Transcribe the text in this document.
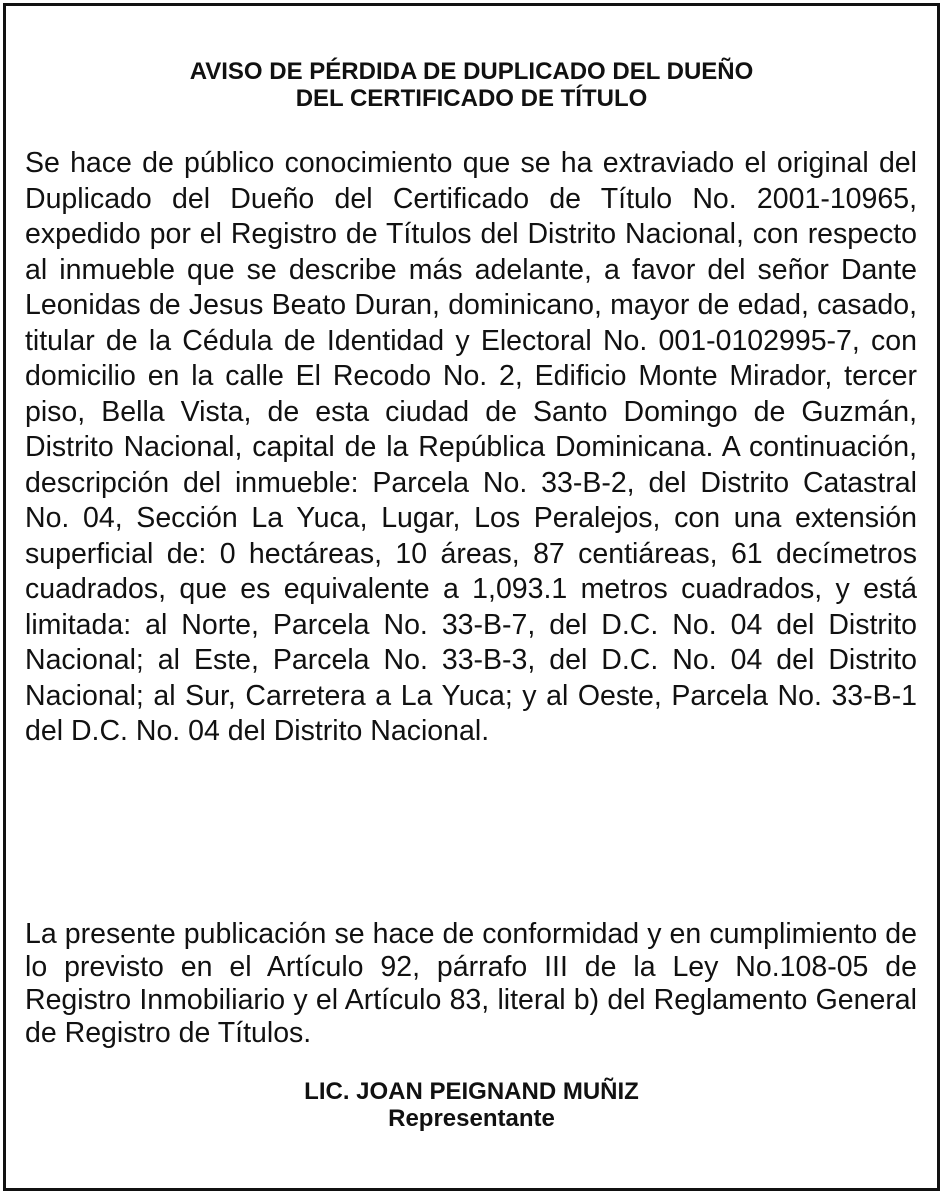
AVISO DE PÉRDIDA DE DUPLICADO DEL DUEÑO
DEL CERTIFICADO DE TÍTULO

Se hace de público conocimiento que se ha extraviado el original del Duplicado del Dueño del Certificado de Título No. 2001-10965, expedido por el Registro de Títulos del Distrito Nacional, con respecto al inmueble que se describe más adelante, a favor del señor Dante Leonidas de Jesus Beato Duran, dominicano, mayor de edad, casado, titular de la Cédula de Identidad y Electoral No. 001-0102995-7, con domicilio en la calle El Recodo No. 2, Edificio Monte Mirador, tercer piso, Bella Vista, de esta ciudad de Santo Domingo de Guzmán, Distrito Nacional, capital de la República Dominicana. A continuación, descripción del inmueble: Parcela No. 33-B-2, del Distrito Catastral No. 04, Sección La Yuca, Lugar, Los Peralejos, con una extensión superficial de: 0 hectáreas, 10 áreas, 87 centiáreas, 61 decímetros cuadrados, que es equivalente a 1,093.1 metros cuadrados, y está limitada: al Norte, Parcela No. 33-B-7, del D.C. No. 04 del Distrito Nacional; al Este, Parcela No. 33-B-3, del D.C. No. 04 del Distrito Nacional; al Sur, Carretera a La Yuca; y al Oeste, Parcela No. 33-B-1 del D.C. No. 04 del Distrito Nacional.

La presente publicación se hace de conformidad y en cumplimiento de lo previsto en el Artículo 92, párrafo III de la Ley No.108-05 de Registro Inmobiliario y el Artículo 83, literal b) del Reglamento General de Registro de Títulos.

LIC. JOAN PEIGNAND MUÑIZ
Representante
